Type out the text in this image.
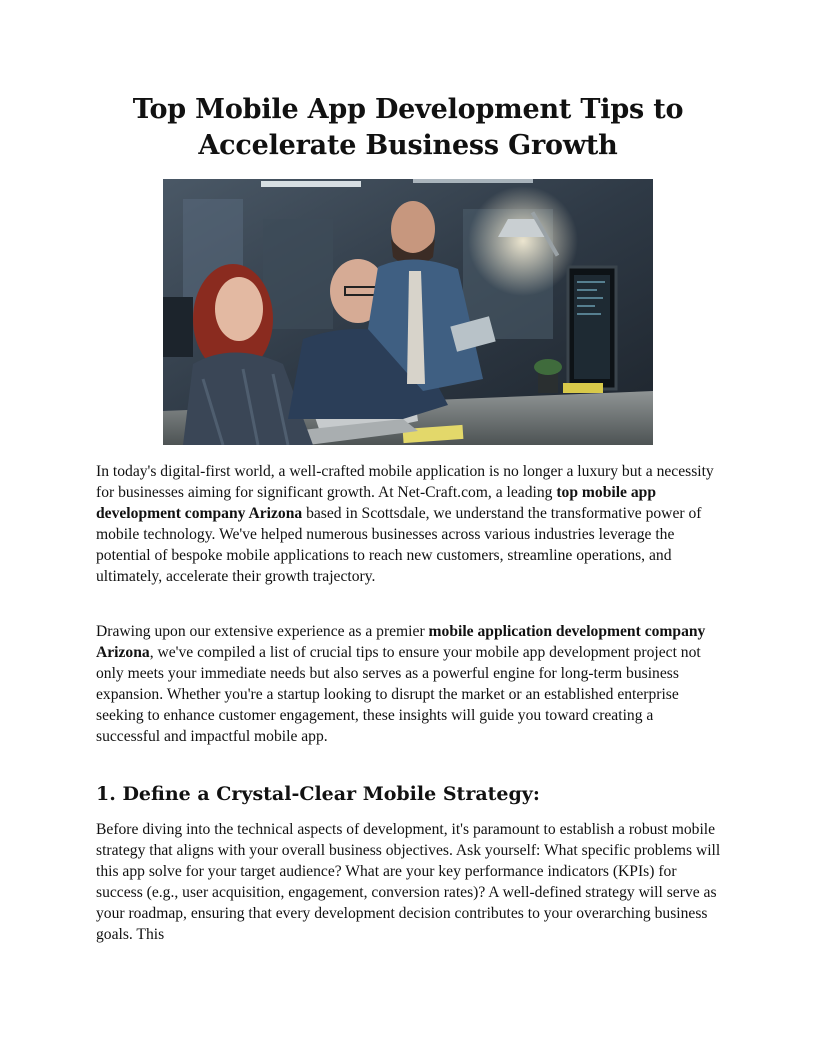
Top Mobile App Development Tips to Accelerate Business Growth

In today's digital-first world, a well-crafted mobile application is no longer a luxury but a necessity for businesses aiming for significant growth. At Net-Craft.com, a leading top mobile app development company Arizona based in Scottsdale, we understand the transformative power of mobile technology. We've helped numerous businesses across various industries leverage the potential of bespoke mobile applications to reach new customers, streamline operations, and ultimately, accelerate their growth trajectory.

Drawing upon our extensive experience as a premier mobile application development company Arizona, we've compiled a list of crucial tips to ensure your mobile app development project not only meets your immediate needs but also serves as a powerful engine for long-term business expansion. Whether you're a startup looking to disrupt the market or an established enterprise seeking to enhance customer engagement, these insights will guide you toward creating a successful and impactful mobile app.

1. Define a Crystal-Clear Mobile Strategy:

Before diving into the technical aspects of development, it's paramount to establish a robust mobile strategy that aligns with your overall business objectives. Ask yourself: What specific problems will this app solve for your target audience? What are your key performance indicators (KPIs) for success (e.g., user acquisition, engagement, conversion rates)? A well-defined strategy will serve as your roadmap, ensuring that every development decision contributes to your overarching business goals. This
